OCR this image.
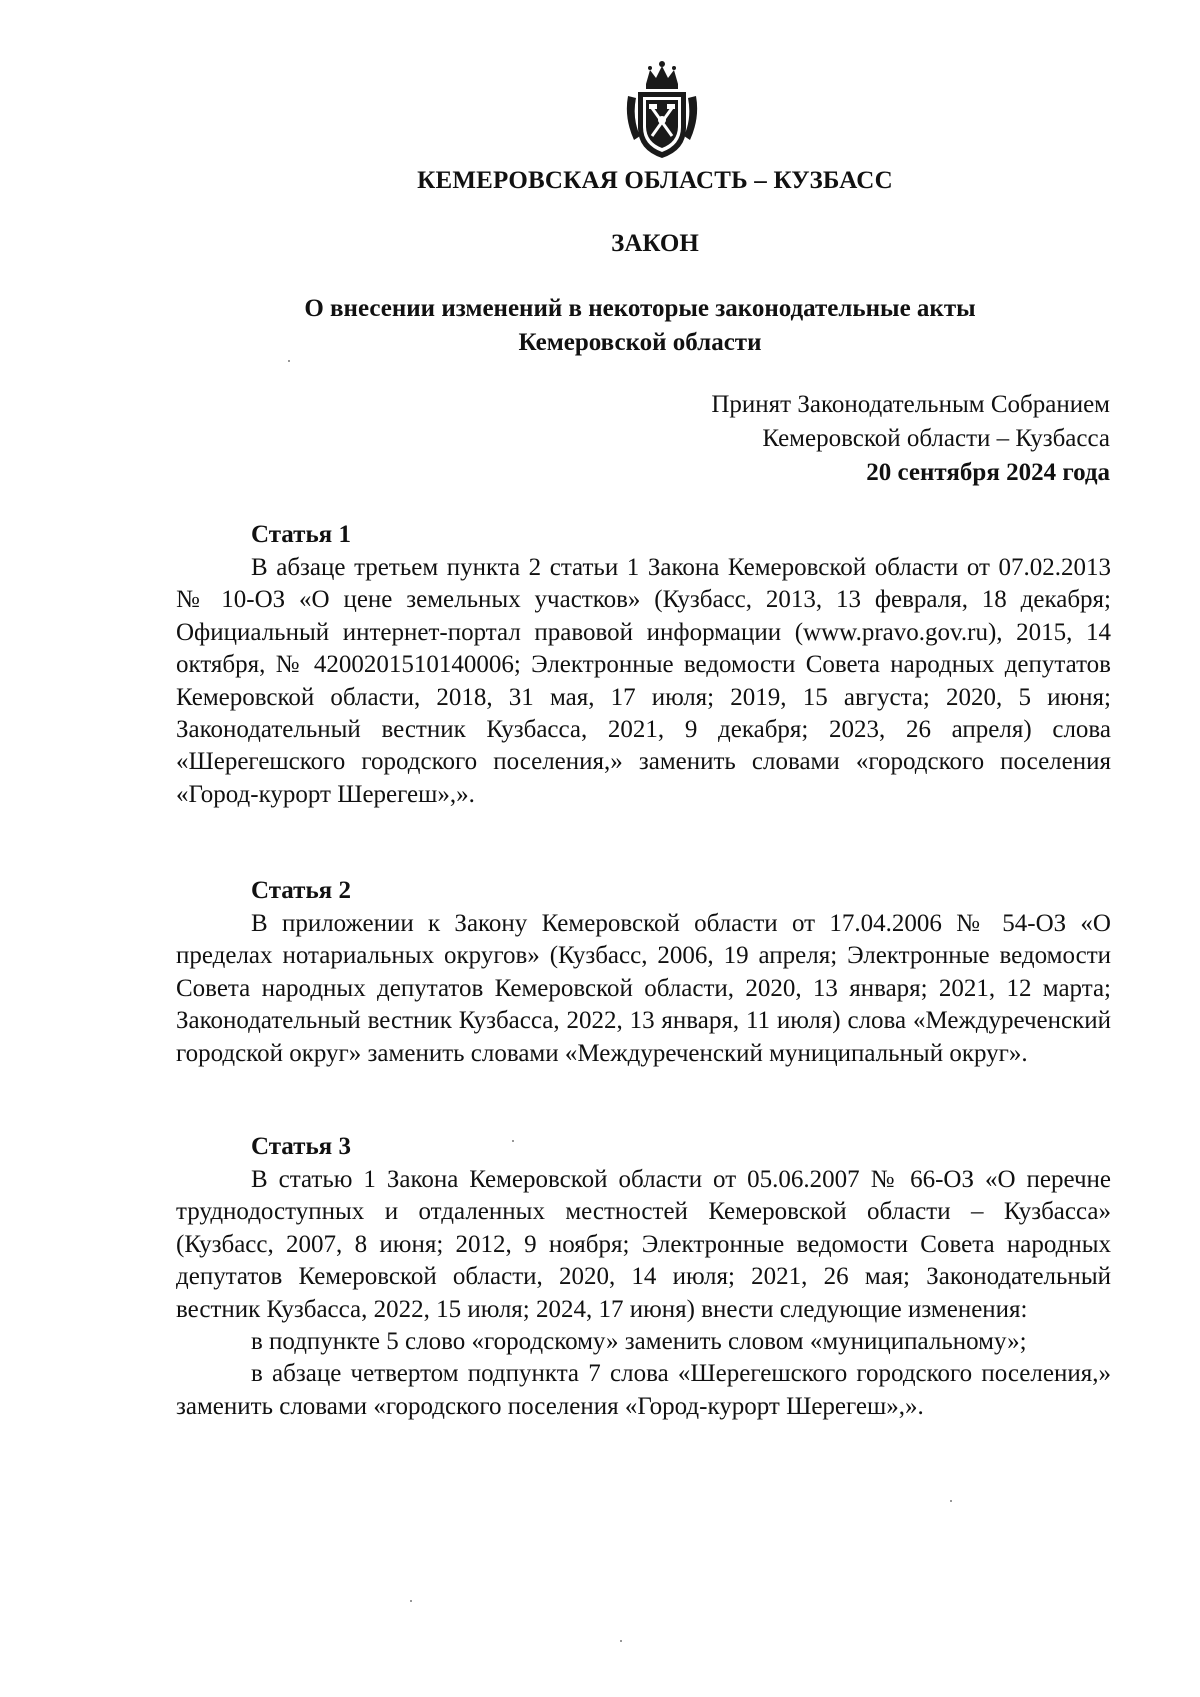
КЕМЕРОВСКАЯ ОБЛАСТЬ – КУЗБАСС
ЗАКОН
О внесении изменений в некоторые законодательные акты
Кемеровской области
Принят Законодательным Собранием
Кемеровской области – Кузбасса
20 сентября 2024 года
Статья 1

В абзаце третьем пункта 2 статьи 1 Закона Кемеровской области от 07.02.2013 № 10-ОЗ «О цене земельных участков» (Кузбасс, 2013, 13 февраля, 18 декабря; Официальный интернет-портал правовой информации (www.pravo.gov.ru), 2015, 14 октября, № 4200201510140006; Электронные ведомости Совета народных депутатов Кемеровской области, 2018, 31 мая, 17 июля; 2019, 15 августа; 2020, 5 июня; Законодательный вестник Кузбасса, 2021, 9 декабря; 2023, 26 апреля) слова «Шерегешского городского поселения,» заменить словами «городского поселения «Город-курорт Шерегеш»,».

Статья 2

В приложении к Закону Кемеровской области от 17.04.2006 № 54-ОЗ «О пределах нотариальных округов» (Кузбасс, 2006, 19 апреля; Электронные ведомости Совета народных депутатов Кемеровской области, 2020, 13 января; 2021, 12 марта; Законодательный вестник Кузбасса, 2022, 13 января, 11 июля) слова «Междуреченский городской округ» заменить словами «Междуреченский муниципальный округ».

Статья 3

В статью 1 Закона Кемеровской области от 05.06.2007 № 66-ОЗ «О перечне труднодоступных и отдаленных местностей Кемеровской области – Кузбасса» (Кузбасс, 2007, 8 июня; 2012, 9 ноября; Электронные ведомости Совета народных депутатов Кемеровской области, 2020, 14 июля; 2021, 26 мая; Законодательный вестник Кузбасса, 2022, 15 июля; 2024, 17 июня) внести следующие изменения:

в подпункте 5 слово «городскому» заменить словом «муниципальному»;

в абзаце четвертом подпункта 7 слова «Шерегешского городского поселения,» заменить словами «городского поселения «Город-курорт Шерегеш»,».
